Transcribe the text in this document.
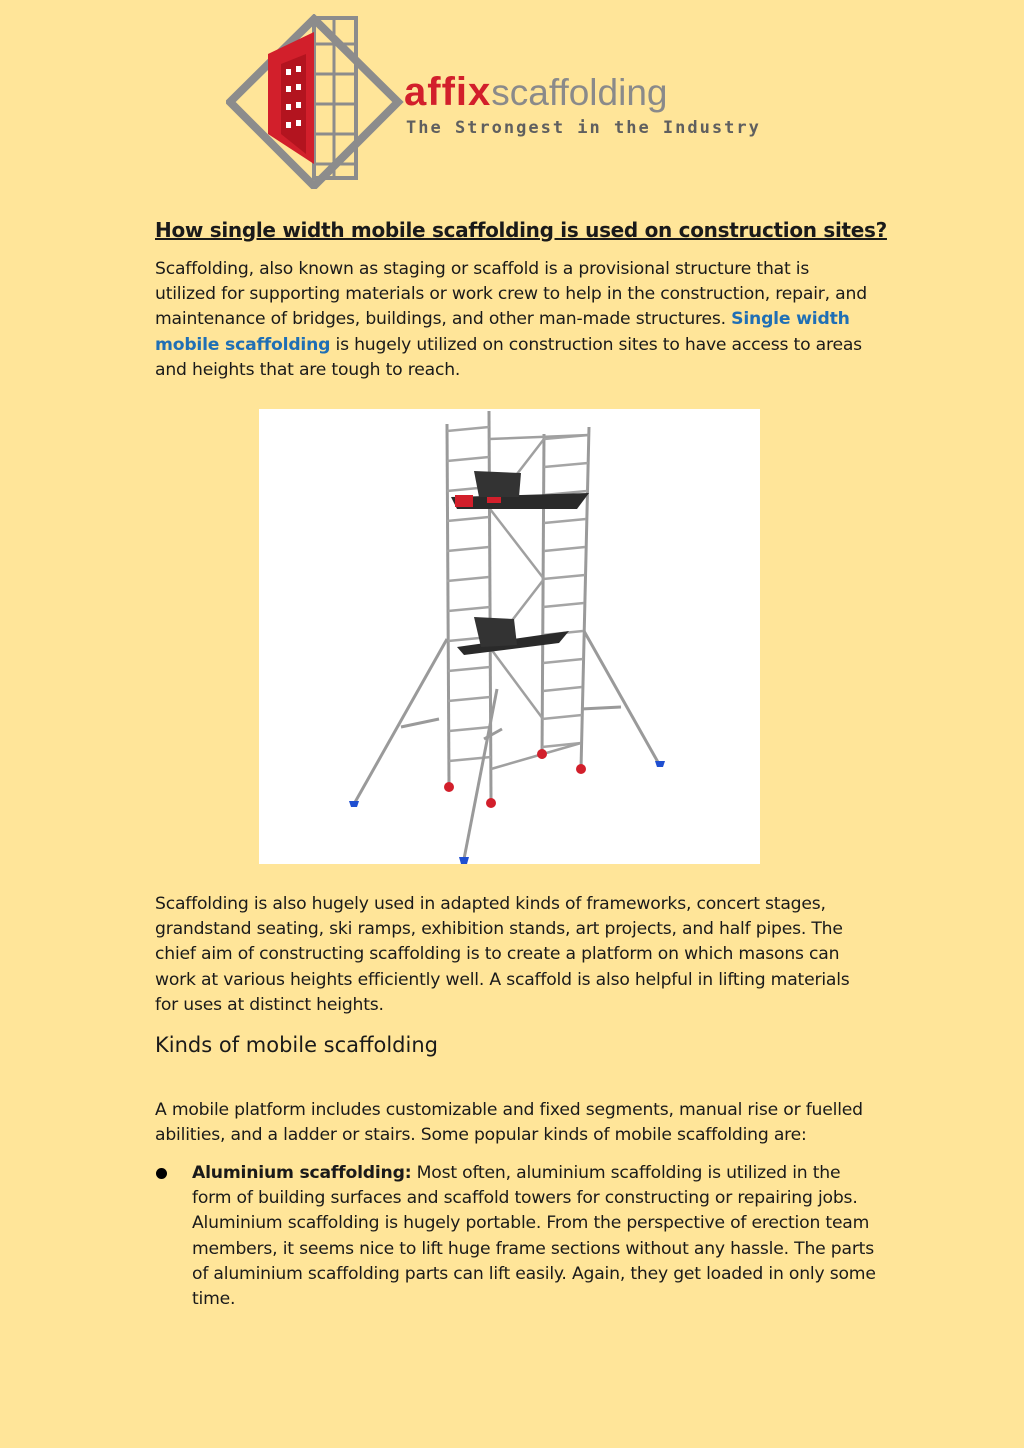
affixscaffolding
The Strongest in the Industry
How single width mobile scaffolding is used on construction sites?

Scaffolding, also known as staging or scaffold is a provisional structure that is utilized for supporting materials or work crew to help in the construction, repair, and maintenance of bridges, buildings, and other man-made structures. Single width mobile scaffolding is hugely utilized on construction sites to have access to areas and heights that are tough to reach.

Scaffolding is also hugely used in adapted kinds of frameworks, concert stages, grandstand seating, ski ramps, exhibition stands, art projects, and half pipes. The chief aim of constructing scaffolding is to create a platform on which masons can work at various heights efficiently well. A scaffold is also helpful in lifting materials for uses at distinct heights.

Kinds of mobile scaffolding

A mobile platform includes customizable and fixed segments, manual rise or fuelled abilities, and a ladder or stairs. Some popular kinds of mobile scaffolding are:

Aluminium scaffolding: Most often, aluminium scaffolding is utilized in the form of building surfaces and scaffold towers for constructing or repairing jobs. Aluminium scaffolding is hugely portable. From the perspective of erection team members, it seems nice to lift huge frame sections without any hassle. The parts of aluminium scaffolding parts can lift easily. Again, they get loaded in only some time.
